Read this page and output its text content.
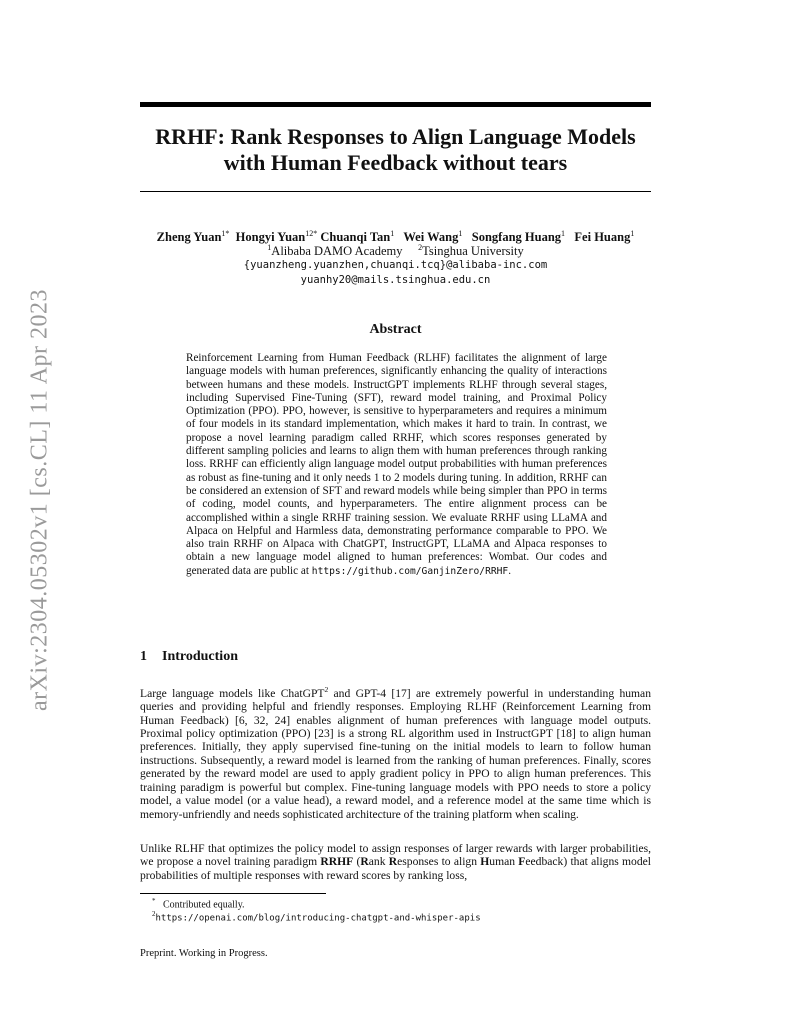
arXiv:2304.05302v1 [cs.CL] 11 Apr 2023
RRHF: Rank Responses to Align Language Models
with Human Feedback without tears
Zheng Yuan$^{1*}$ Hongyi Yuan$^{12*}$ Chuanqi Tan$^1$ Wei Wang$^1$ Songfang Huang$^1$ Fei Huang$^1$
$^1$Alibaba DAMO Academy $^2$Tsinghua University
{yuanzheng.yuanzhen,chuanqi.tcq}@alibaba-inc.com
yuanhy20@mails.tsinghua.edu.cn
Abstract
Reinforcement Learning from Human Feedback (RLHF) facilitates the alignment of large language models with human preferences, significantly enhancing the quality of interactions between humans and these models. InstructGPT implements RLHF through several stages, including Supervised Fine-Tuning (SFT), reward model training, and Proximal Policy Optimization (PPO). PPO, however, is sensitive to hyperparameters and requires a minimum of four models in its standard implementation, which makes it hard to train. In contrast, we propose a novel learning paradigm called RRHF, which scores responses generated by different sampling policies and learns to align them with human preferences through ranking loss. RRHF can efficiently align language model output probabilities with human preferences as robust as fine-tuning and it only needs 1 to 2 models during tuning. In addition, RRHF can be considered an extension of SFT and reward models while being simpler than PPO in terms of coding, model counts, and hyperparameters. The entire alignment process can be accomplished within a single RRHF training session. We evaluate RRHF using LLaMA and Alpaca on Helpful and Harmless data, demonstrating performance comparable to PPO. We also train RRHF on Alpaca with ChatGPT, InstructGPT, LLaMA and Alpaca responses to obtain a new language model aligned to human preferences: Wombat. Our codes and generated data are public at https://github.com/GanjinZero/RRHF.
1 Introduction
Large language models like ChatGPT$^2$ and GPT-4 [17] are extremely powerful in understanding human queries and providing helpful and friendly responses. Employing RLHF (Reinforcement Learning from Human Feedback) [6, 32, 24] enables alignment of human preferences with language model outputs. Proximal policy optimization (PPO) [23] is a strong RL algorithm used in InstructGPT [18] to align human preferences. Initially, they apply supervised fine-tuning on the initial models to learn to follow human instructions. Subsequently, a reward model is learned from the ranking of human preferences. Finally, scores generated by the reward model are used to apply gradient policy in PPO to align human preferences. This training paradigm is powerful but complex. Fine-tuning language models with PPO needs to store a policy model, a value model (or a value head), a reward model, and a reference model at the same time which is memory-unfriendly and needs sophisticated architecture of the training platform when scaling.
Unlike RLHF that optimizes the policy model to assign responses of larger rewards with larger probabilities, we propose a novel training paradigm RRHF (Rank Responses to align Human Feedback) that aligns model probabilities of multiple responses with reward scores by ranking loss,
* Contributed equally.
$^2$https://openai.com/blog/introducing-chatgpt-and-whisper-apis
Preprint. Working in Progress.
